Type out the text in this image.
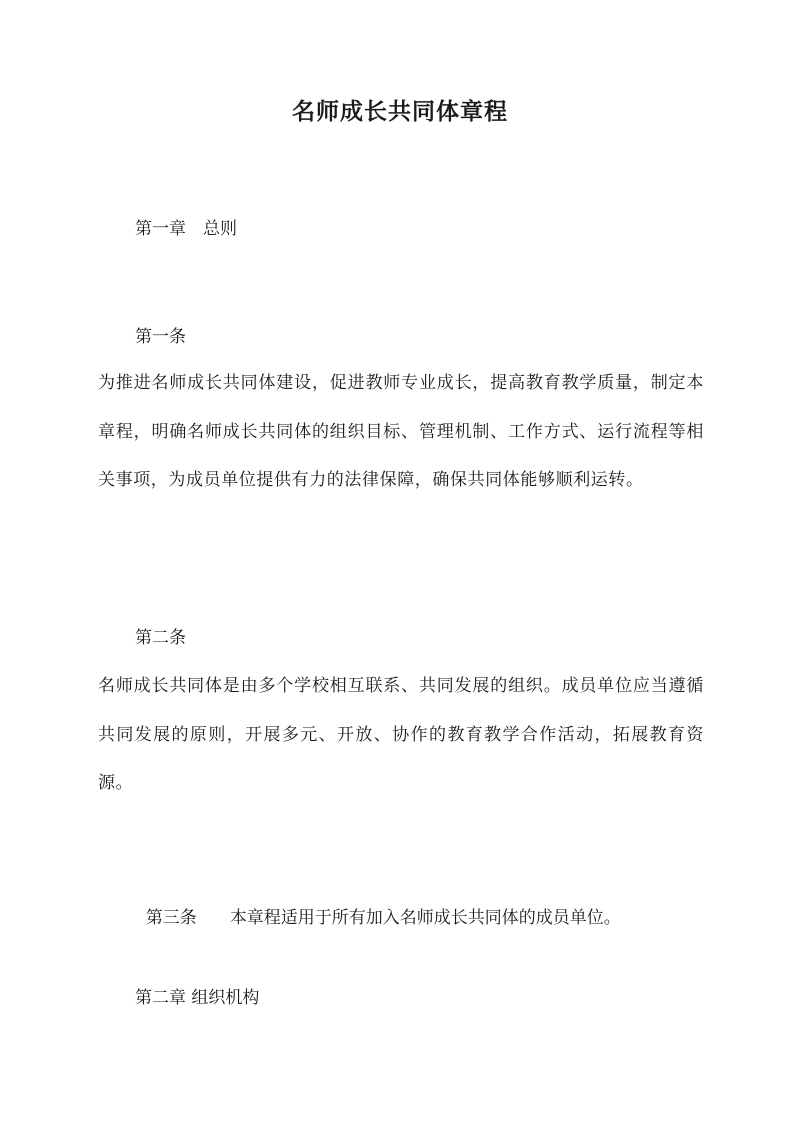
名师成长共同体章程
第一章　总则
第一条
为推进名师成长共同体建设，促进教师专业成长，提高教育教学质量，制定本章程，明确名师成长共同体的组织目标、管理机制、工作方式、运行流程等相关事项，为成员单位提供有力的法律保障，确保共同体能够顺利运转。
第二条
名师成长共同体是由多个学校相互联系、共同发展的组织。成员单位应当遵循共同发展的原则，开展多元、开放、协作的教育教学合作活动，拓展教育资源。

第三条 本章程适用于所有加入名师成长共同体的成员单位。

第二章 组织机构
